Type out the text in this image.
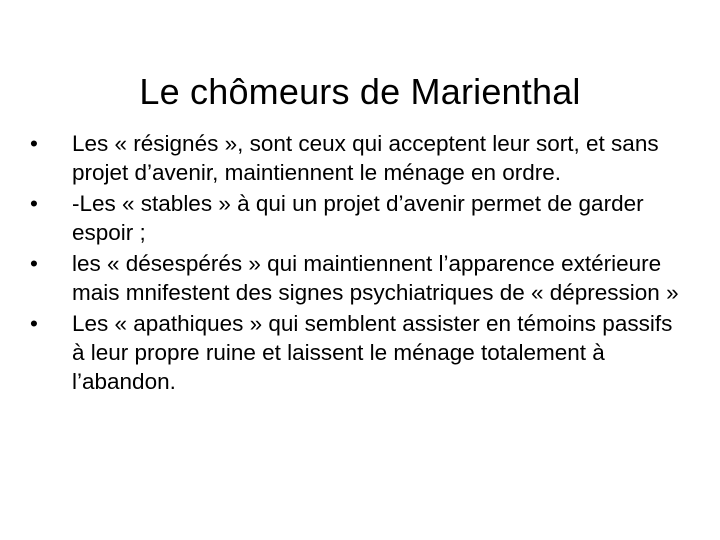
Le chômeurs de Marienthal
•	Les « résignés », sont ceux qui acceptent leur sort, et sans projet d’avenir, maintiennent le ménage en ordre.
•	-Les « stables » à qui un projet d’avenir permet de garder espoir ;
•	les « désespérés » qui maintiennent l’apparence extérieure mais mnifestent des signes psychiatriques de « dépression »
•	Les « apathiques » qui semblent assister en témoins passifs à leur propre ruine et laissent le ménage totalement à l’abandon.
